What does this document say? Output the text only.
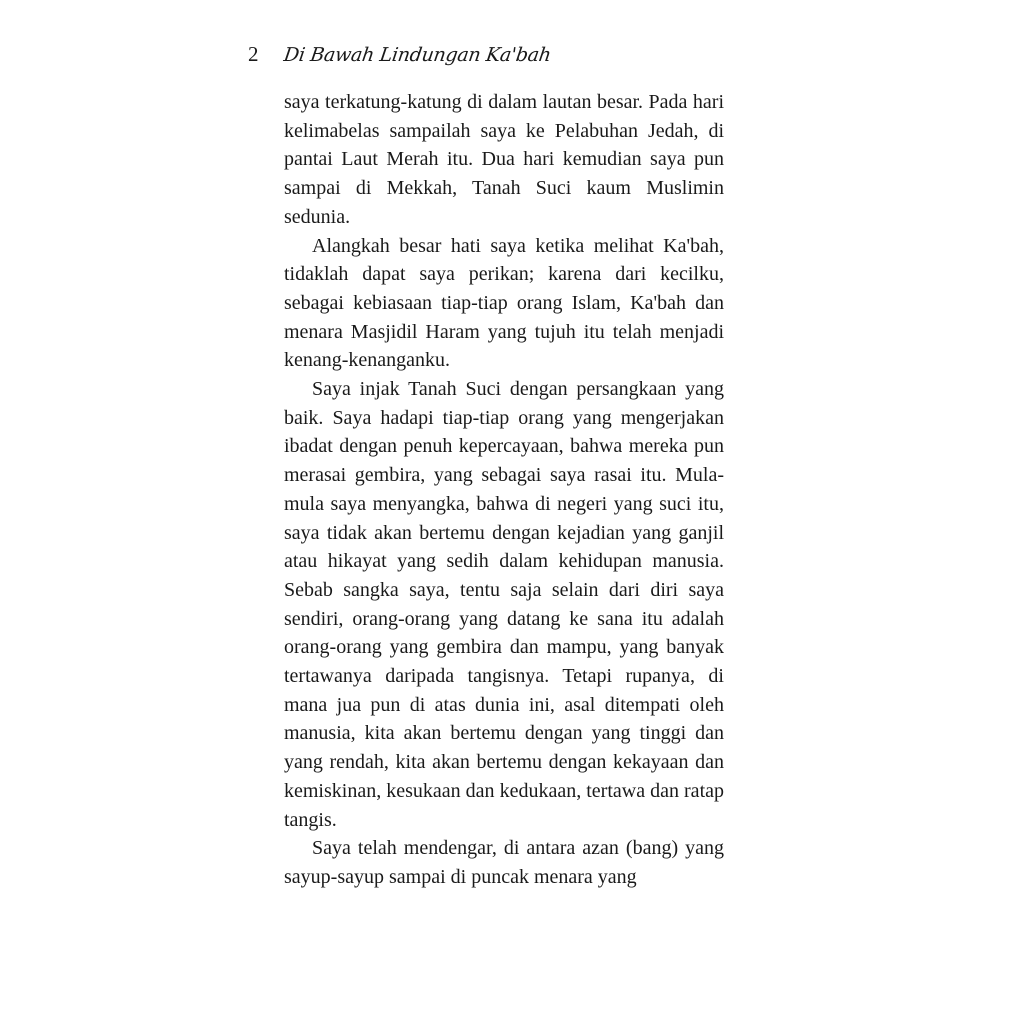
2	Di Bawah Lindungan Ka'bah

saya terkatung-katung di dalam lautan besar. Pada hari kelimabelas sampailah saya ke Pelabuhan Jedah, di pantai Laut Merah itu. Dua hari kemudian saya pun sampai di Mekkah, Tanah Suci kaum Muslimin sedunia.

Alangkah besar hati saya ketika melihat Ka'bah, tidaklah dapat saya perikan; karena dari kecilku, sebagai kebiasaan tiap-tiap orang Islam, Ka'bah dan menara Masjidil Haram yang tujuh itu telah menjadi kenang-kenanganku.

Saya injak Tanah Suci dengan persangkaan yang baik. Saya hadapi tiap-tiap orang yang mengerjakan ibadat dengan penuh kepercayaan, bahwa mereka pun merasai gembira, yang sebagai saya rasai itu. Mula-mula saya menyangka, bahwa di negeri yang suci itu, saya tidak akan bertemu dengan kejadian yang ganjil atau hikayat yang sedih dalam kehidupan manusia. Sebab sangka saya, tentu saja selain dari diri saya sendiri, orang-orang yang datang ke sana itu adalah orang-orang yang gembira dan mampu, yang banyak tertawanya daripada tangisnya. Tetapi rupanya, di mana jua pun di atas dunia ini, asal ditempati oleh manusia, kita akan bertemu dengan yang tinggi dan yang rendah, kita akan bertemu dengan kekayaan dan kemiskinan, kesukaan dan kedukaan, tertawa dan ratap tangis.

Saya telah mendengar, di antara azan (bang) yang sayup-sayup sampai di puncak menara yang
